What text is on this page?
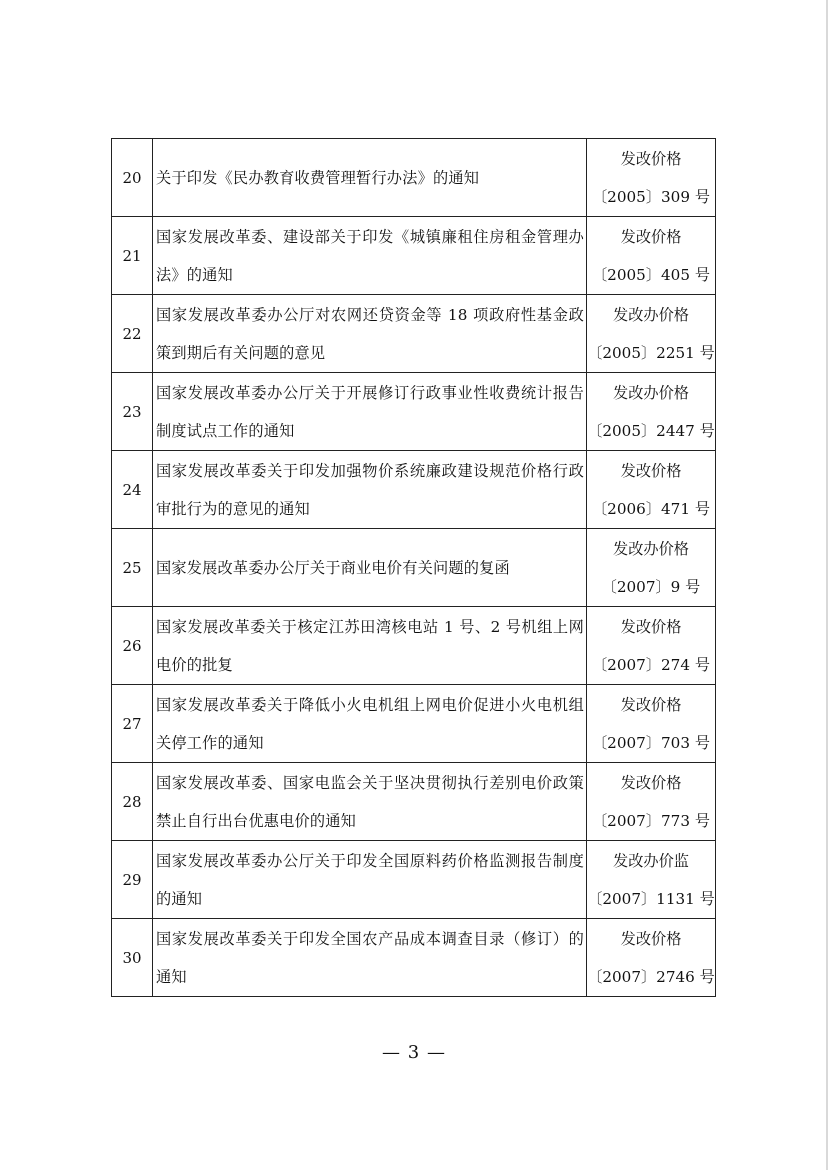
20	关于印发《民办教育收费管理暂行办法》的通知	发改价格
〔2005〕309 号

21	国家发展改革委、建设部关于印发《城镇廉租住房租金管理办法》的通知	发改价格
〔2005〕405 号

22	国家发展改革委办公厅对农网还贷资金等 18 项政府性基金政策到期后有关问题的意见	发改办价格
〔2005〕2251 号

23	国家发展改革委办公厅关于开展修订行政事业性收费统计报告制度试点工作的通知	发改办价格
〔2005〕2447 号

24	国家发展改革委关于印发加强物价系统廉政建设规范价格行政审批行为的意见的通知	发改价格
〔2006〕471 号

25	国家发展改革委办公厅关于商业电价有关问题的复函	发改办价格
〔2007〕9 号

26	国家发展改革委关于核定江苏田湾核电站 1 号、2 号机组上网电价的批复	发改价格
〔2007〕274 号

27	国家发展改革委关于降低小火电机组上网电价促进小火电机组关停工作的通知	发改价格
〔2007〕703 号

28	国家发展改革委、国家电监会关于坚决贯彻执行差别电价政策禁止自行出台优惠电价的通知	发改价格
〔2007〕773 号

29	国家发展改革委办公厅关于印发全国原料药价格监测报告制度的通知	发改办价监
〔2007〕1131 号

30	国家发展改革委关于印发全国农产品成本调查目录（修订）的通知	发改价格
〔2007〕2746 号
— 3 —
